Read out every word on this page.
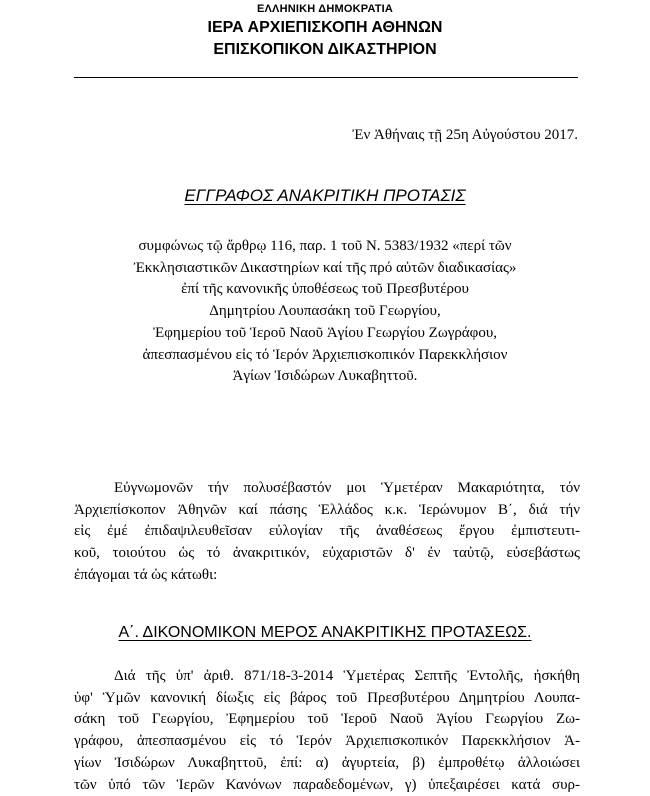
ΕΛΛΗΝΙΚΗ ΔΗΜΟΚΡΑΤΙΑ
ΙΕΡΑ ΑΡΧΙΕΠΙΣΚΟΠΗ ΑΘΗΝΩΝ
ΕΠΙΣΚΟΠΙΚΟΝ ΔΙΚΑΣΤΗΡΙΟΝ
Ἐν Ἀθήναις τῇ 25η Αὐγούστου 2017.
ΕΓΓΡΑΦΟΣ ΑΝΑΚΡΙΤΙΚΗ ΠΡΟΤΑΣΙΣ
συμφώνως τῷ ἄρθρῳ 116, παρ. 1 τοῦ Ν. 5383/1932 «περί τῶν
Ἐκκλησιαστικῶν Δικαστηρίων καί τῆς πρό αὐτῶν διαδικασίας»
ἐπί τῆς κανονικῆς ὑποθέσεως τοῦ Πρεσβυτέρου
Δημητρίου Λουπασάκη τοῦ Γεωργίου,
Ἐφημερίου τοῦ Ἱεροῦ Ναοῦ Ἁγίου Γεωργίου Ζωγράφου,
ἀπεσπασμένου εἰς τό Ἱερόν Ἀρχιεπισκοπικόν Παρεκκλήσιον
Ἁγίων Ἰσιδώρων Λυκαβηττοῦ.
Εὐγνωμονῶν τήν πολυσέβαστόν μοι Ὑμετέραν Μακαριότητα, τόν
Ἀρχιεπίσκοπον Ἀθηνῶν καί πάσης Ἑλλάδος κ.κ. Ἱερώνυμον Β΄, διά τήν
εἰς ἐμέ ἐπιδαψιλευθεῖσαν εὐλογίαν τῆς ἀναθέσεως ἔργου ἐμπιστευτι-
κοῦ, τοιούτου ὡς τό ἀνακριτικόν, εὐχαριστῶν δ' ἐν ταὐτῷ, εὐσεβάστως
ἐπάγομαι τά ὡς κάτωθι:
Α΄. ΔΙΚΟΝΟΜΙΚΟΝ ΜΕΡΟΣ ΑΝΑΚΡΙΤΙΚΗΣ ΠΡΟΤΑΣΕΩΣ.
Διά τῆς ὑπ' ἀριθ. 871/18-3-2014 Ὑμετέρας Σεπτῆς Ἐντολῆς, ἠσκήθη
ὑφ' Ὑμῶν κανονική δίωξις εἰς βάρος τοῦ Πρεσβυτέρου Δημητρίου Λουπα-
σάκη τοῦ Γεωργίου, Ἐφημερίου τοῦ Ἱεροῦ Ναοῦ Ἁγίου Γεωργίου Ζω-
γράφου, ἀπεσπασμένου εἰς τό Ἱερόν Ἀρχιεπισκοπικόν Παρεκκλήσιον Ἁ-
γίων Ἰσιδώρων Λυκαβηττοῦ, ἐπί: α) ἀγυρτεία, β) ἐμπροθέτῳ ἀλλοιώσει
τῶν ὑπό τῶν Ἱερῶν Κανόνων παραδεδομένων, γ) ὑπεξαιρέσει κατά συρ-
